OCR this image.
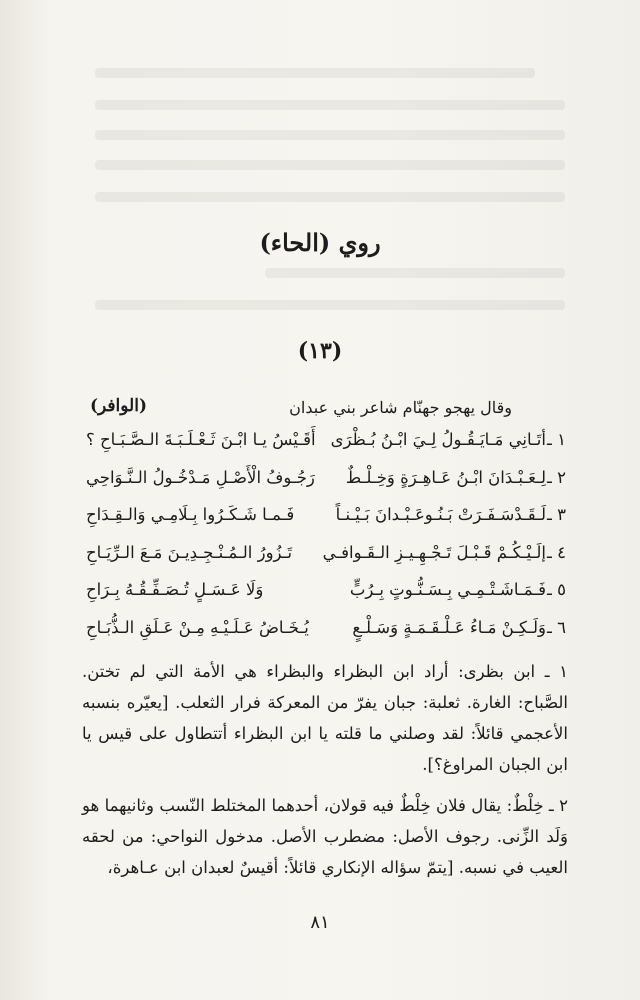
روي (الحاء)
(١٣)
وقال يهجو جهنّام شاعر بني عبدان
(الوافر)
١ ـ
أتَـانِي مَـايَـقُـولُ لِـيَ ابْـنُ بُـظْرَى
أَقَـيْسُ يـا ابْـنَ ثَـعْـلَـبَـةَ الـصَّـبَـاحِ ؟
٢ ـ
لِـعَـبْـدَانَ ابْـنُ عَـاهِـرَةٍ وَخِـلْـطٌ
رَجُـوفُ الْأَصْـلِ مَـدْخُـولُ الـنَّـوَاحِي
٣ ـ
لَـقَـدْسَـفَـرَتْ بَـنُـوعَـبْـدانَ بَـيْـنـاً
فَـمـا شَـكَـرُوا بِـلَامِـي وَالـقِـدَاحِ
٤ ـ
إلَـيْـكُـمْ قَـبْـلَ تَـجْـهِـيـزِ الـقَـوافـي
تَـزُورُ الـمُـنْـجِـدِيـنَ مَـعَ الـرِّيَـاحِ
٥ ـ
فَـمَـاشَـتْـمِـي بِـسَـنُّـوتٍ بِـرُبٍّ
وَلَا عَـسَـلٍ تُـصَـفِّـقُـهُ بِـرَاحِ
٦ ـ
وَلَـكِـنْ مَـاءُ عَـلْـقَـمَـةٍ وَسَـلْـعٍ
يُـخَـاضُ عَـلَـيْـهِ مِـنْ عَـلَقِ الـذُّبَـاحِ

١ ـ ابن بظرى: أراد ابن البظراء والبظراء هي الأمة التي لم تختن. الصَّباح: الغارة. ثعلبة: جبان يفرّ من المعركة فرار الثعلب. [يعيّره بنسبه الأعجمي قائلاً: لقد وصلني ما قلته يا ابن البظراء أتتطاول على قيس يا ابن الجبان المراوغ؟].

٢ ـ خِلْطٌ: يقال فلان خِلْطٌ فيه قولان، أحدهما المختلط النّسب وثانيهما هو وَلَد الزِّنى. رجوف الأصل: مضطرب الأصل. مدخول النواحي: من لحقه العيب في نسبه. [يتمّ سؤاله الإنكاري قائلاً: أقيسٌ لعبدان ابن عـاهرة،

٨١
